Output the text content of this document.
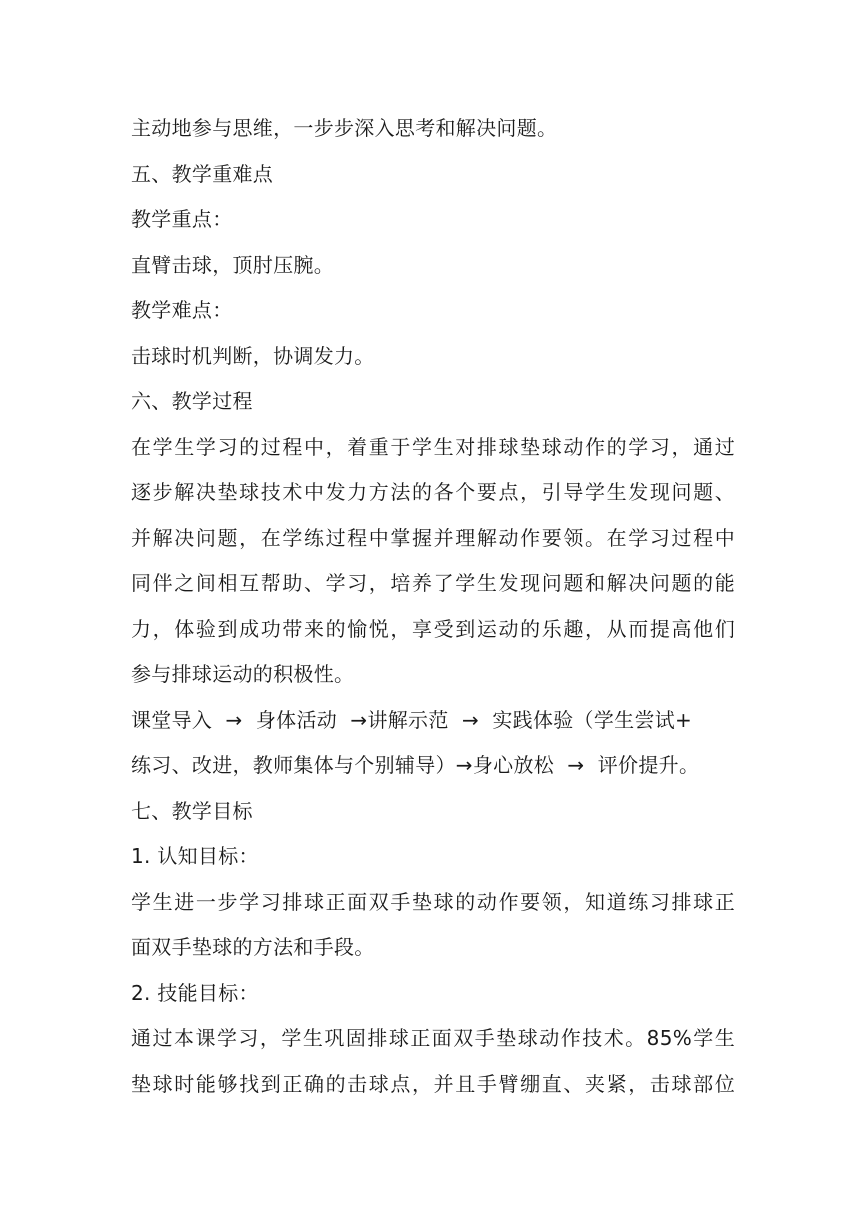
主动地参与思维，一步步深入思考和解决问题。
五、教学重难点
教学重点：
直臂击球，顶肘压腕。
教学难点：
击球时机判断，协调发力。
六、教学过程
在学生学习的过程中，着重于学生对排球垫球动作的学习，通过
逐步解决垫球技术中发力方法的各个要点，引导学生发现问题、
并解决问题，在学练过程中掌握并理解动作要领。在学习过程中
同伴之间相互帮助、学习，培养了学生发现问题和解决问题的能
力，体验到成功带来的愉悦，享受到运动的乐趣，从而提高他们
参与排球运动的积极性。
课堂导入  →  身体活动  →讲解示范  →  实践体验（学生尝试+
练习、改进，教师集体与个别辅导）→身心放松  →  评价提升。
七、教学目标
1. 认知目标：
学生进一步学习排球正面双手垫球的动作要领，知道练习排球正
面双手垫球的方法和手段。
2. 技能目标：
通过本课学习，学生巩固排球正面双手垫球动作技术。85%学生
垫球时能够找到正确的击球点，并且手臂绷直、夹紧，击球部位
